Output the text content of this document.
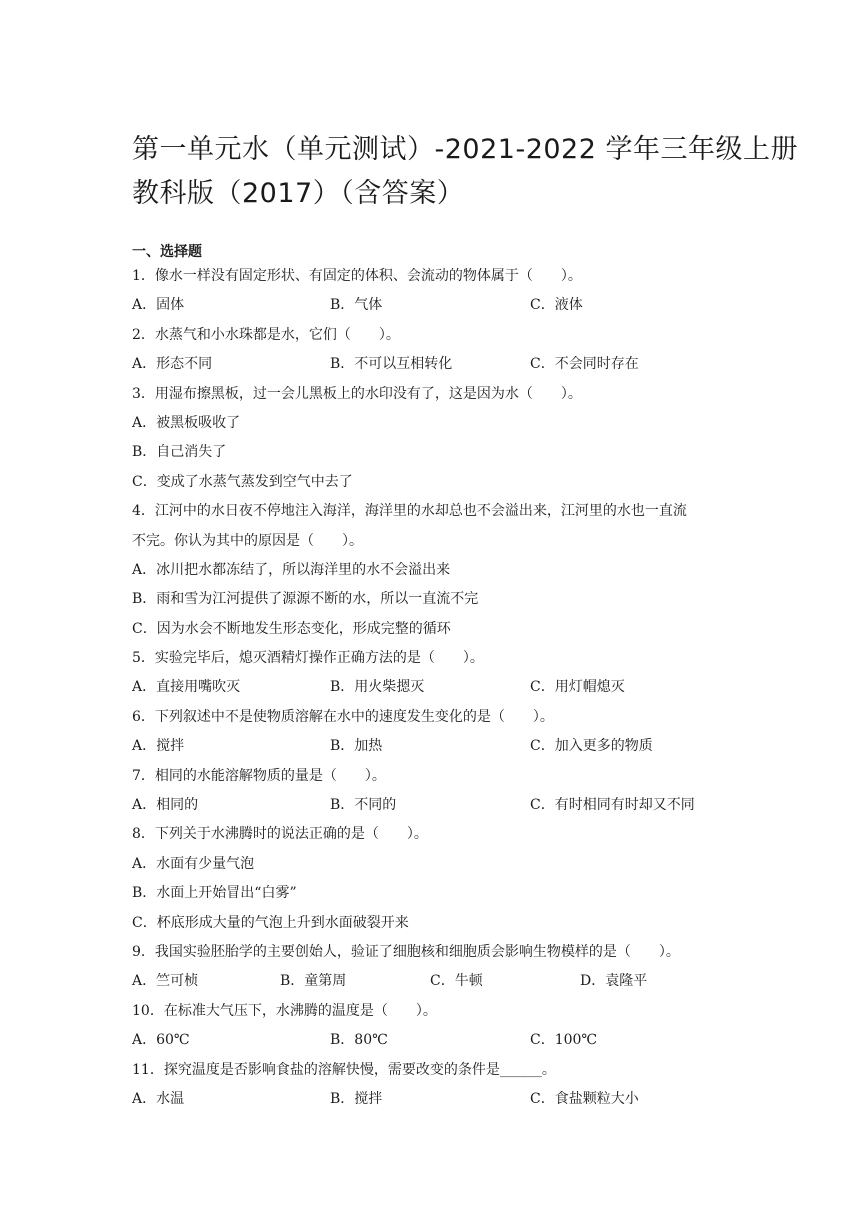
第一单元水（单元测试）-2021-2022 学年三年级上册
教科版（2017）（含答案）
一、选择题
1．像水一样没有固定形状、有固定的体积、会流动的物体属于（　　）。
A．固体	B．气体	C．液体
2．水蒸气和小水珠都是水，它们（　　）。
A．形态不同	B．不可以互相转化	C．不会同时存在
3．用湿布擦黑板，过一会儿黑板上的水印没有了，这是因为水（　　）。
A．被黑板吸收了
B．自己消失了
C．变成了水蒸气蒸发到空气中去了
4．江河中的水日夜不停地注入海洋，海洋里的水却总也不会溢出来，江河里的水也一直流
不完。你认为其中的原因是（　　）。
A．冰川把水都冻结了，所以海洋里的水不会溢出来
B．雨和雪为江河提供了源源不断的水，所以一直流不完
C．因为水会不断地发生形态变化，形成完整的循环
5．实验完毕后，熄灭酒精灯操作正确方法的是（　　）。
A．直接用嘴吹灭	B．用火柴摁灭	C．用灯帽熄灭
6．下列叙述中不是使物质溶解在水中的速度发生变化的是（　　）。
A．搅拌	B．加热	C．加入更多的物质
7．相同的水能溶解物质的量是（　　）。
A．相同的	B．不同的	C．有时相同有时却又不同
8．下列关于水沸腾时的说法正确的是（　　）。
A．水面有少量气泡
B．水面上开始冒出“白雾”
C．杯底形成大量的气泡上升到水面破裂开来
9．我国实验胚胎学的主要创始人，验证了细胞核和细胞质会影响生物模样的是（　　）。
A．竺可桢	B．童第周	C．牛顿	D．袁隆平
10．在标准大气压下，水沸腾的温度是（　　）。
A．60℃	B．80℃	C．100℃
11．探究温度是否影响食盐的溶解快慢，需要改变的条件是______。
A．水温	B．搅拌	C．食盐颗粒大小
